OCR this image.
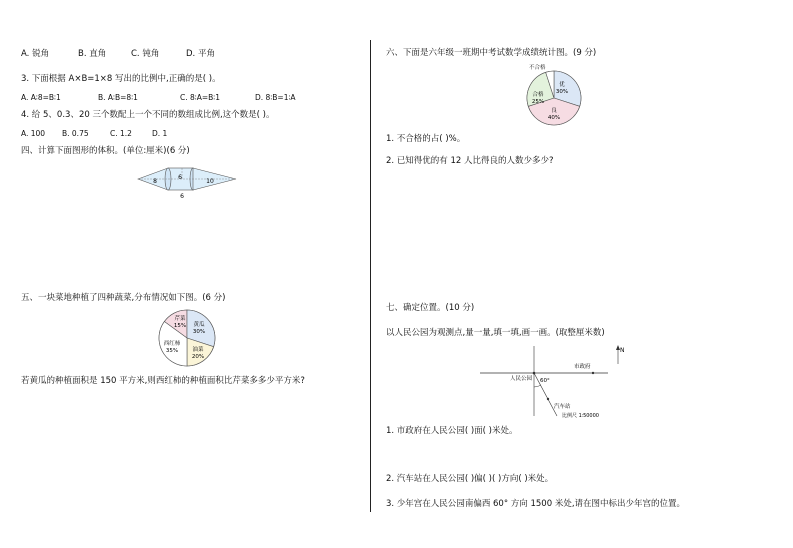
A. 锐角	B. 直角	C. 钝角	D. 平角
3. 下面根据 A×B=1×8 写出的比例中,正确的是( )。
A. A∶8=B∶1	B. A∶B=8∶1	C. 8∶A=B∶1	D. 8∶B=1∶A
4. 给 5、0.3、20 三个数配上一个不同的数组成比例,这个数是( )。
A. 100 B. 0.75	C. 1.2	D. 1
四、计算下面图形的体积。(单位:厘米)(6 分)
8
6
10
6
五、一块菜地种植了四种蔬菜,分布情况如下图。(6 分)
芹菜
15% 黄瓜
30%
油菜
20%
西红柿
35%
若黄瓜的种植面积是 150 平方米,则西红柿的种植面积比芹菜多多少平方米?
六、下面是六年级一班期中考试数学成绩统计图。(9 分)
优
30%
良
40%
合格
25%
不合格
1. 不合格的占( )%。
2. 已知得优的有 12 人比得良的人数少多少?
七、确定位置。(10 分)
以人民公园为观测点,量一量,填一填,画一画。(取整厘米数)
N
人民公园
市政府
60°
汽车站
比例尺 1∶50000
1. 市政府在人民公园( )面( )米处。
2. 汽车站在人民公园( )偏( )( )方向( )米处。
3. 少年宫在人民公园南偏西 60° 方向 1500 米处,请在图中标出少年宫的位置。
